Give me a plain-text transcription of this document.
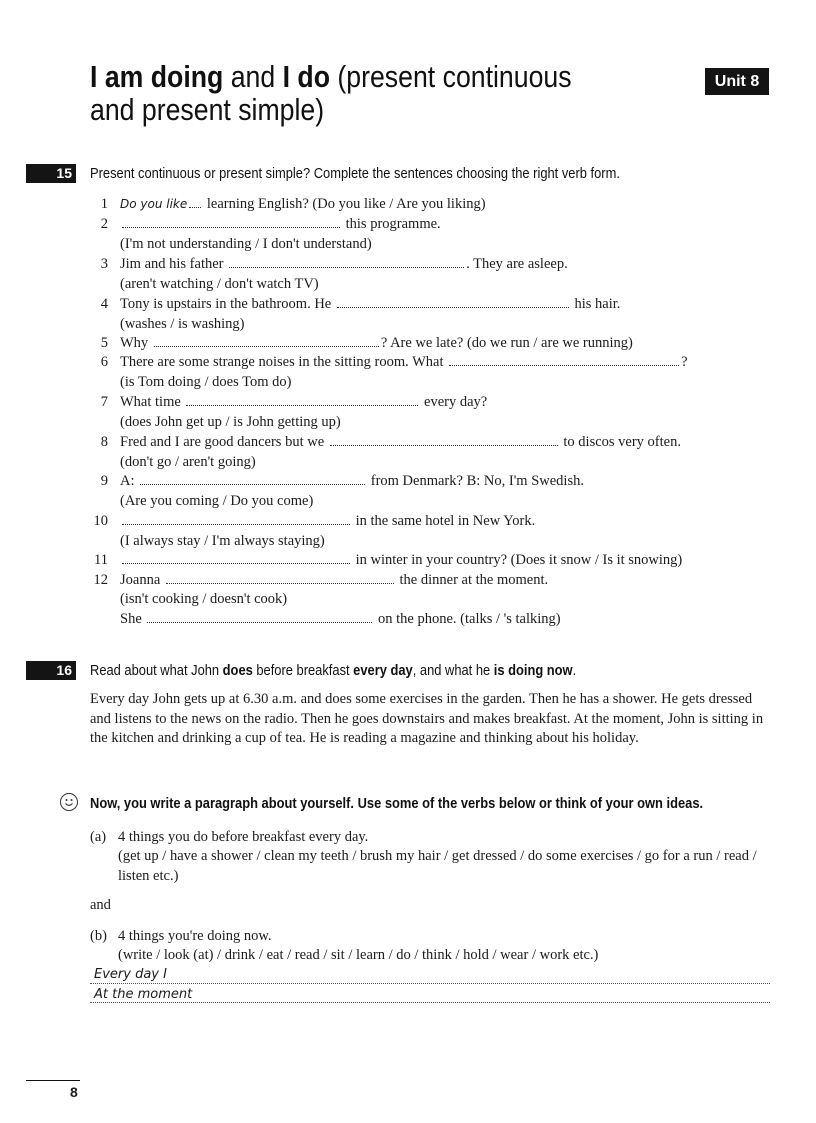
I am doing and I do (present continuous
and present simple)
Unit 8
15 Present continuous or present simple? Complete the sentences choosing the right verb form.
1 Do you like learning English? (Do you like / Are you liking)
2	this programme.
(I'm not understanding / I don't understand)
3 Jim and his father	. They are asleep.
(aren't watching / don't watch TV)
4 Tony is upstairs in the bathroom. He	his hair.
(washes / is washing)
5 Why	? Are we late? (do we run / are we running)
6 There are some strange noises in the sitting room. What	?
(is Tom doing / does Tom do)
7 What time	every day?
(does John get up / is John getting up)
8 Fred and I are good dancers but we	to discos very often.
(don't go / aren't going)
9 A:	from Denmark? B: No, I'm Swedish.
(Are you coming / Do you come)
10	in the same hotel in New York.
(I always stay / I'm always staying)
11	in winter in your country? (Does it snow / Is it snowing)
12 Joanna	the dinner at the moment.
(isn't cooking / doesn't cook)
She	on the phone. (talks / 's talking)
16 Read about what John does before breakfast every day, and what he is doing now.
Every day John gets up at 6.30 a.m. and does some exercises in the garden. Then he has a shower. He gets dressed and listens to the news on the radio. Then he goes downstairs and makes breakfast. At the moment, John is sitting in the kitchen and drinking a cup of tea. He is reading a magazine and thinking about his holiday.
Now, you write a paragraph about yourself. Use some of the verbs below or think of your own ideas.
(a) 4 things you do before breakfast every day.
(get up / have a shower / clean my teeth / brush my hair / get dressed / do some exercises / go for a run / read / listen etc.)
and
(b) 4 things you're doing now.
(write / look (at) / drink / eat / read / sit / learn / do / think / hold / wear / work etc.)
Every day I
At the moment
8
